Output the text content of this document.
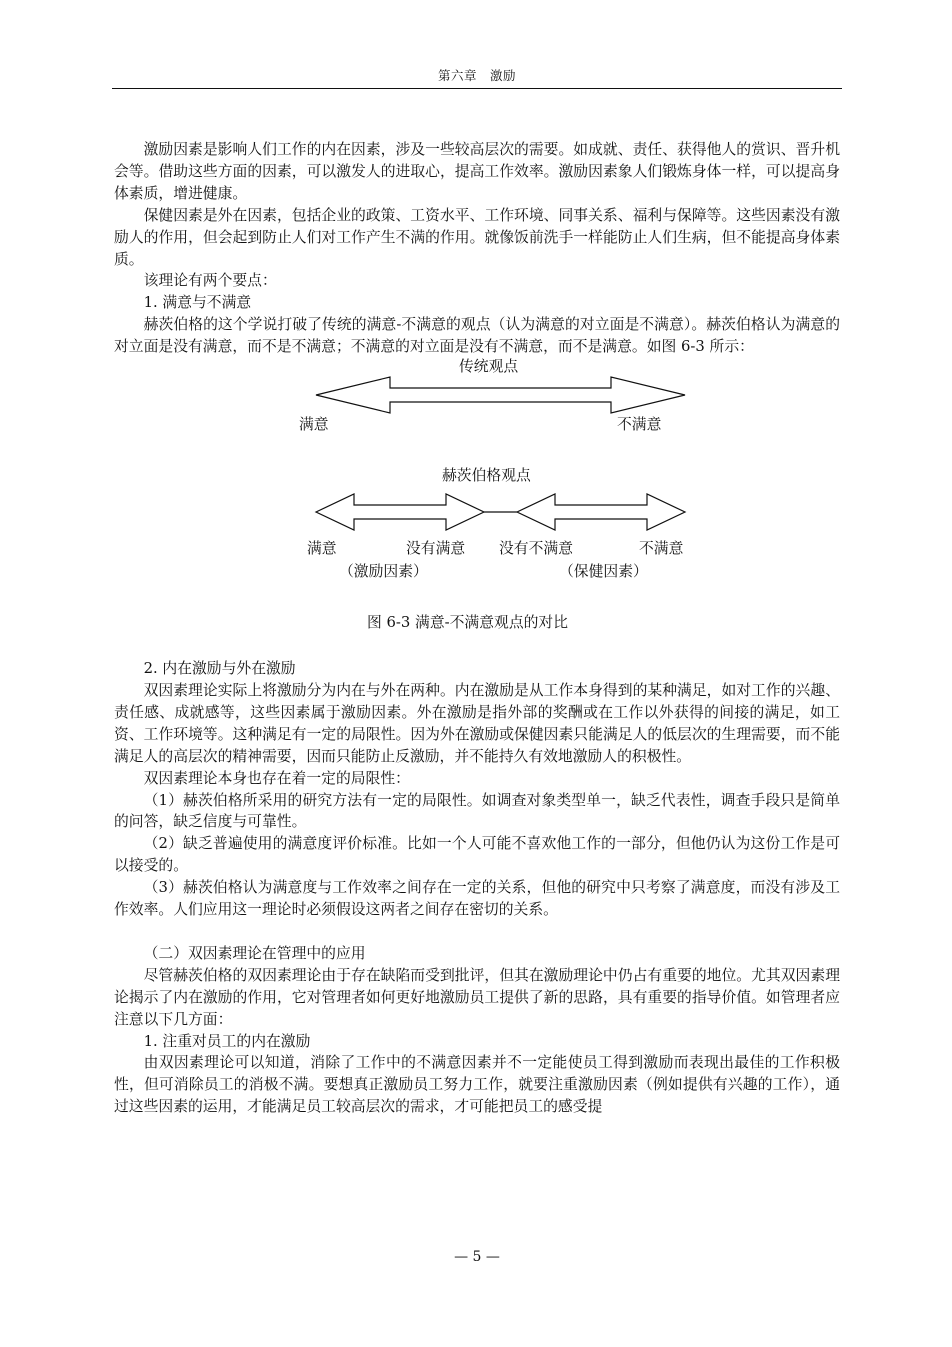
第六章　激励

激励因素是影响人们工作的内在因素，涉及一些较高层次的需要。如成就、责任、获得他人的赏识、晋升机会等。借助这些方面的因素，可以激发人的进取心，提高工作效率。激励因素象人们锻炼身体一样，可以提高身体素质，增进健康。

保健因素是外在因素，包括企业的政策、工资水平、工作环境、同事关系、福利与保障等。这些因素没有激励人的作用，但会起到防止人们对工作产生不满的作用。就像饭前洗手一样能防止人们生病，但不能提高身体素质。

该理论有两个要点：

1. 满意与不满意

赫茨伯格的这个学说打破了传统的满意-不满意的观点（认为满意的对立面是不满意）。赫茨伯格认为满意的对立面是没有满意，而不是不满意；不满意的对立面是没有不满意，而不是满意。如图 6-3 所示：

传统观点
满意	不满意
赫茨伯格观点
满意	没有满意 没有不满意	不满意
（激励因素）	（保健因素）
图 6-3 满意-不满意观点的对比

2. 内在激励与外在激励

双因素理论实际上将激励分为内在与外在两种。内在激励是从工作本身得到的某种满足，如对工作的兴趣、责任感、成就感等，这些因素属于激励因素。外在激励是指外部的奖酬或在工作以外获得的间接的满足，如工资、工作环境等。这种满足有一定的局限性。因为外在激励或保健因素只能满足人的低层次的生理需要，而不能满足人的高层次的精神需要，因而只能防止反激励，并不能持久有效地激励人的积极性。

双因素理论本身也存在着一定的局限性：

（1）赫茨伯格所采用的研究方法有一定的局限性。如调查对象类型单一，缺乏代表性，调查手段只是简单的问答，缺乏信度与可靠性。

（2）缺乏普遍使用的满意度评价标准。比如一个人可能不喜欢他工作的一部分，但他仍认为这份工作是可以接受的。

（3）赫茨伯格认为满意度与工作效率之间存在一定的关系，但他的研究中只考察了满意度，而没有涉及工作效率。人们应用这一理论时必须假设这两者之间存在密切的关系。

（二）双因素理论在管理中的应用

尽管赫茨伯格的双因素理论由于存在缺陷而受到批评，但其在激励理论中仍占有重要的地位。尤其双因素理论揭示了内在激励的作用，它对管理者如何更好地激励员工提供了新的思路，具有重要的指导价值。如管理者应注意以下几方面：

1. 注重对员工的内在激励

由双因素理论可以知道，消除了工作中的不满意因素并不一定能使员工得到激励而表现出最佳的工作积极性，但可消除员工的消极不满。要想真正激励员工努力工作，就要注重激励因素（例如提供有兴趣的工作），通过这些因素的运用，才能满足员工较高层次的需求，才可能把员工的感受提

— 5 —
